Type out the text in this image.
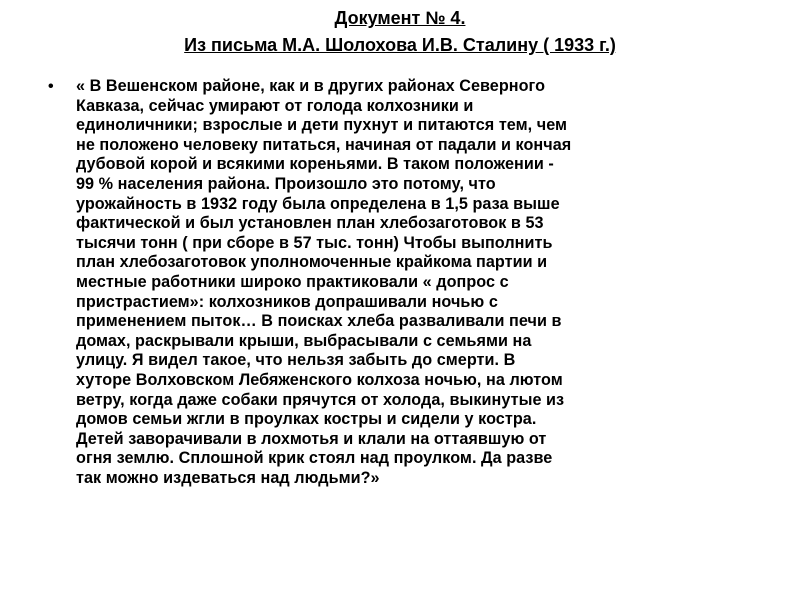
Документ № 4.
Из письма М.А. Шолохова И.В. Сталину ( 1933 г.)
• « В Вешенском районе, как и в других районах Северного
Кавказа, сейчас умирают от голода колхозники и
единоличники; взрослые и дети пухнут и питаются тем, чем
не положено человеку питаться, начиная от падали и кончая
дубовой корой и всякими кореньями. В таком положении -
99 % населения района. Произошло это потому, что
урожайность в 1932 году была определена в 1,5 раза выше
фактической и был установлен план хлебозаготовок в 53
тысячи тонн ( при сборе в 57 тыс. тонн) Чтобы выполнить
план хлебозаготовок уполномоченные крайкома партии и
местные работники широко практиковали « допрос с
пристрастием»: колхозников допрашивали ночью с
применением пыток… В поисках хлеба разваливали печи в
домах, раскрывали крыши, выбрасывали с семьями на
улицу. Я видел такое, что нельзя забыть до смерти. В
хуторе Волховском Лебяженского колхоза ночью, на лютом
ветру, когда даже собаки прячутся от холода, выкинутые из
домов семьи жгли в проулках костры и сидели у костра.
Детей заворачивали в лохмотья и клали на оттаявшую от
огня землю. Сплошной крик стоял над проулком. Да разве
так можно издеваться над людьми?»
